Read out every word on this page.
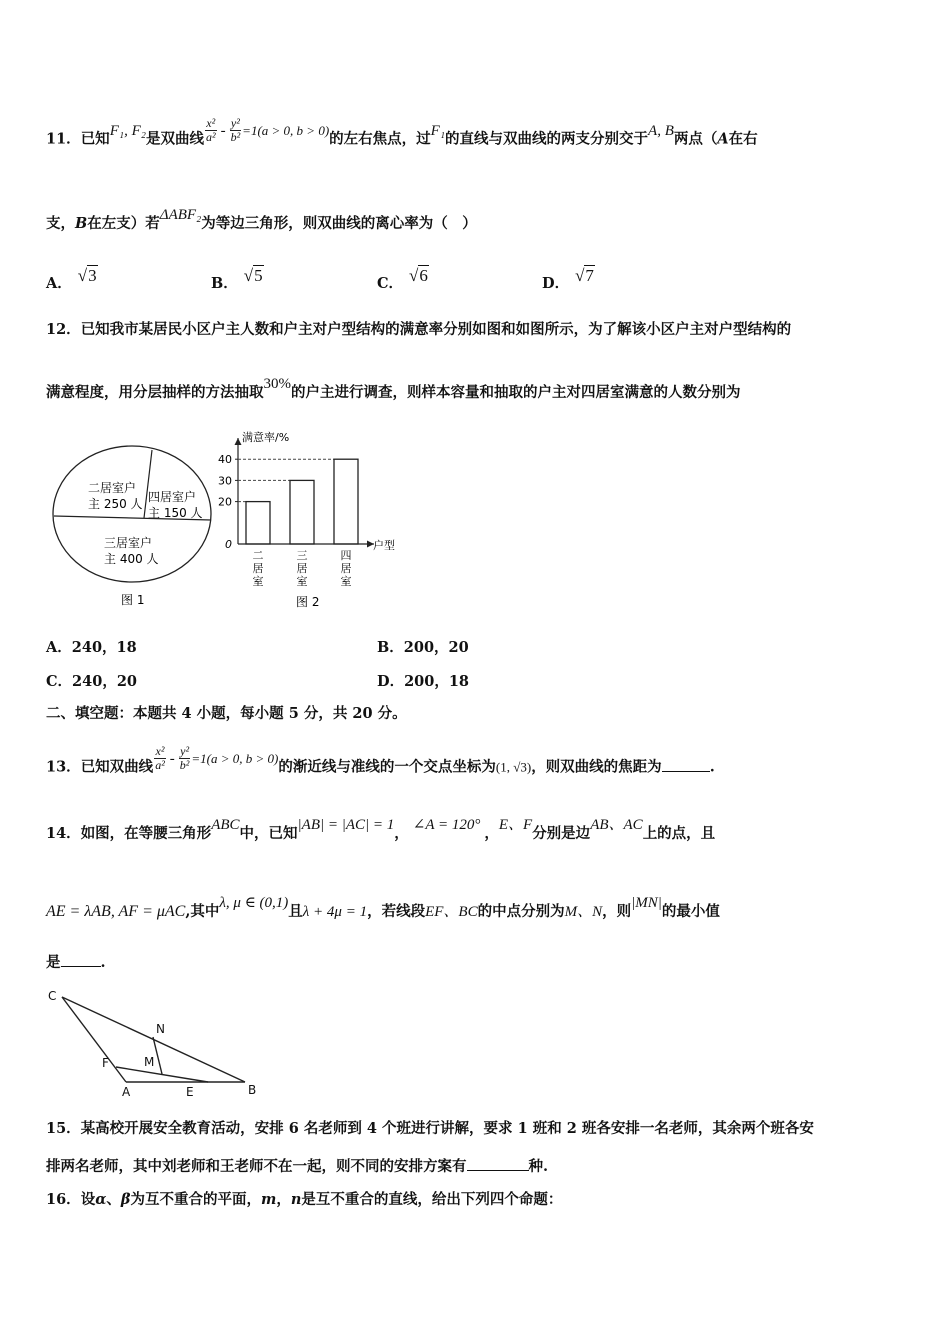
11．已知F₁, F₂是双曲线 $\frac{\text{x²}}{\text{a²}} - \frac{\text{y²}}{\text{b²}} =1(a > 0$, b > 0)的左右焦点，过F₁的直线与双曲线的两支分别交于A, B两点（A在右
支，B在左支）若ΔABF₂为等边三角形，则双曲线的离心率为（　）
A． √3	B． √5	C． √6	D． √7
12．已知我市某居民小区户主人数和户主对户型结构的满意率分别如图和如图所示，为了解该小区户主对户型结构的
满意程度，用分层抽样的方法抽取30%的户主进行调查，则样本容量和抽取的户主对四居室满意的人数分别为
二居室户
主 250 人 四居室户
主 150 人
三居室户
主 400 人
图 1
满意率/%
户型
0
20
30
40
二居室
三居室
四居室
图 2
A．240，18	B．200，20
C．240，20	D．200，18
二、填空题：本题共 4 小题，每小题 5 分，共 20 分。
13．已知双曲线 $\frac{\text{x²}}{\text{a²}} - \frac{\text{y²}}{\text{b²}} =1(a > 0$, b > 0)的渐近线与准线的一个交点坐标为(1, √3)，则双曲线的焦距为	.
14．如图，在等腰三角形ABC中，已知|AB| = |AC| = 1， ∠A = 120° ，E、F分别是边AB、AC上的点，且
AE = λAB, AF = μAC,其中λ, μ ∈ (0,1)且λ + 4μ = 1，若线段EF、BC的中点分别为M、N，则|MN|的最小值
是	.
C
N
M
F
A	E	B
15．某高校开展安全教育活动，安排 6 名老师到 4 个班进行讲解，要求 1 班和 2 班各安排一名老师，其余两个班各安
排两名老师，其中刘老师和王老师不在一起，则不同的安排方案有	种.
16．设α、β为互不重合的平面，m，n是互不重合的直线，给出下列四个命题：
